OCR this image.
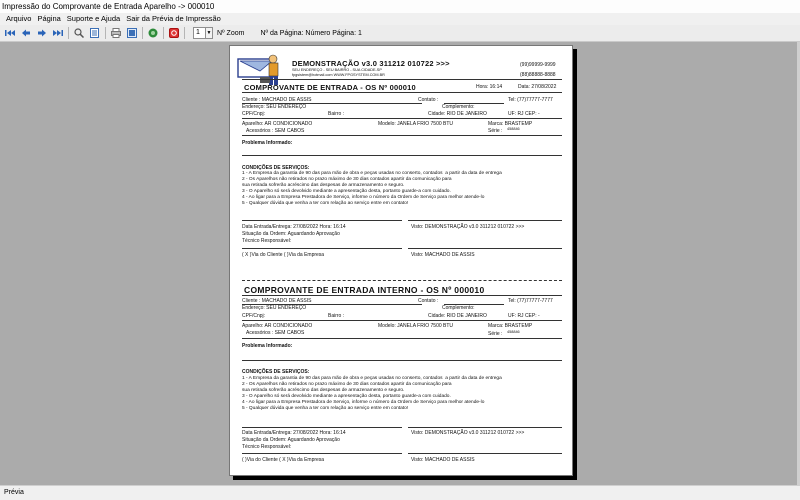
Impressão do Comprovante de Entrada Aparelho -> 000010
Arquivo Página Suporte e Ajuda Sair da Prévia de Impressão
1	▼ Nº Zoom Nº da Página: Número Página: 1
DEMONSTRAÇÃO v3.0 311212 010722 >>>
SEU ENDEREÇO - SEU BAIRRO - SUA CIDADE-SP
fpgsistem@hotmail.com WWW.FPGSYSTEM.COM.BR
(99)99999-9999
(88)88888-8888
COMPROVANTE DE ENTRADA - OS Nº 000010	Hora: 16:14	Data: 27/08/2022
Cliente : MACHADO DE ASSIS	Contato :	Tel: (77)77777-7777
Endereço: SEU ENDEREÇO	Complemento:
CPF/Cnpj:	Bairro :	Cidade: RIO DE JANEIRO	UF: RJ CEP: -
Aparelho: AR CONDICIONADO	Modelo: JANELA FRIO 7500 BTU	Marca: BRASTEMP
Acessórios : SEM CABOS	Série : 458846
Problema Informado:
CONDIÇÕES DE SERVIÇOS:
1 - A Empresa da garantia de 90 das para mão de obra e peças usadas no conserto, contados  a partir da data de entrega
2 - Os Aparelhos não retirados no prazo máximo de 30 dias contados apartir da comunicação para
sua retirada sofrerão acréscimo das despesas de armazenamento e seguro.
3 - O Aparelho só será devolvido mediante a apresentação desta, portanto guarde-a com cuidado.
4 - Ao ligar para a Empresa Prestadora de Serviço, informe o número da Ordem de Serviço para melhor atende-lo
5 - Qualquer dúvida que venha a ter com relação ao serviço entre em contato!
Data Entrada/Entrega: 27/08/2022 Hora: 16:14	Visto: DEMONSTRAÇÃO v3.0 311212 010722 >>>
Situação da Ordem: Aguardando Aprovação
Técnico Responsável:
( X )Via do Cliente ( )Via da Empresa	Visto: MACHADO DE ASSIS
COMPROVANTE DE ENTRADA INTERNO - OS Nº 000010
Cliente : MACHADO DE ASSIS	Contato :	Tel: (77)77777-7777
Endereço: SEU ENDEREÇO	Complemento:
CPF/Cnpj:	Bairro :	Cidade: RIO DE JANEIRO	UF: RJ CEP: -
Aparelho: AR CONDICIONADO	Modelo: JANELA FRIO 7500 BTU	Marca: BRASTEMP
Acessórios : SEM CABOS	Série : 458846
Problema Informado:
CONDIÇÕES DE SERVIÇOS:
1 - A Empresa da garantia de 90 das para mão de obra e peças usadas no conserto, contados  a partir da data de entrega
2 - Os Aparelhos não retirados no prazo máximo de 30 dias contados apartir da comunicação para
sua retirada sofrerão acréscimo das despesas de armazenamento e seguro.
3 - O Aparelho só será devolvido mediante a apresentação desta, portanto guarde-a com cuidado.
4 - Ao ligar para a Empresa Prestadora de Serviço, informe o número da Ordem de Serviço para melhor atende-lo
5 - Qualquer dúvida que venha a ter com relação ao serviço entre em contato!
Data Entrada/Entrega: 27/08/2022 Hora: 16:14	Visto: DEMONSTRAÇÃO v3.0 311212 010722 >>>
Situação da Ordem: Aguardando Aprovação
Técnico Responsável:
( )Via do Cliente ( X )Via da Empresa	Visto: MACHADO DE ASSIS
Prévia
